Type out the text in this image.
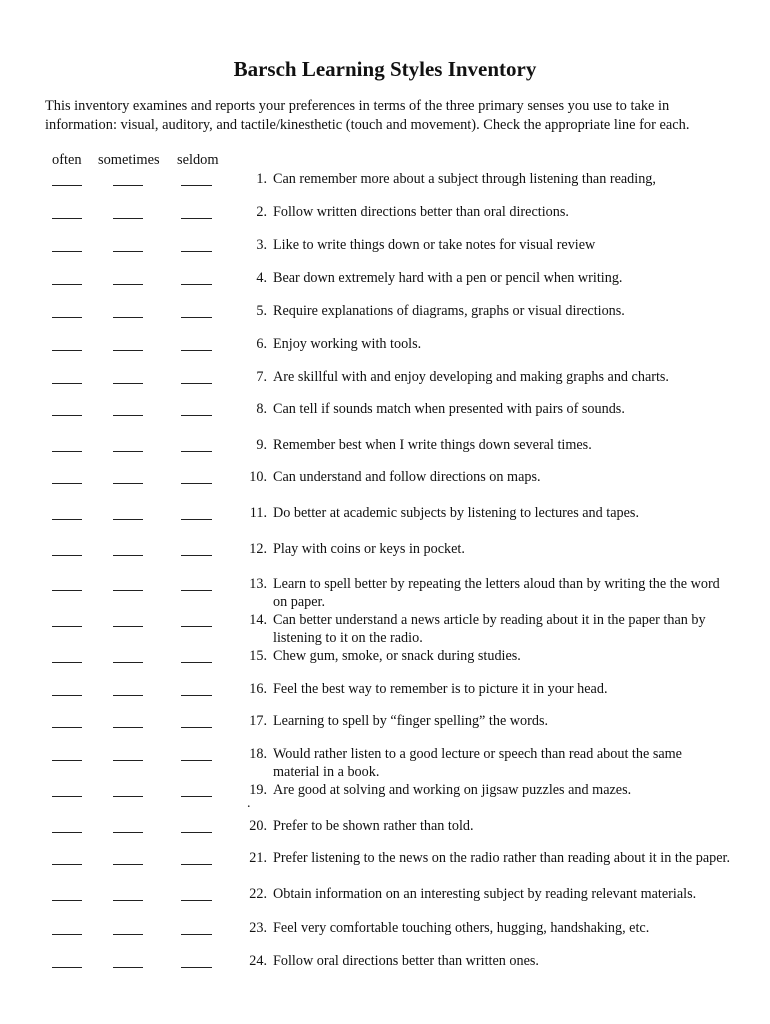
Barsch Learning Styles Inventory
This inventory examines and reports your preferences in terms of the three primary senses you use to take in information: visual, auditory, and tactile/kinesthetic (touch and movement). Check the appropriate line for each.
often sometimes seldom
1. Can remember more about a subject through listening than reading,
2. Follow written directions better than oral directions.
3. Like to write things down or take notes for visual review
4. Bear down extremely hard with a pen or pencil when writing.
5. Require explanations of diagrams, graphs or visual directions.
6. Enjoy working with tools.
7. Are skillful with and enjoy developing and making graphs and charts.
8. Can tell if sounds match when presented with pairs of sounds.
9. Remember best when I write things down several times.
10. Can understand and follow directions on maps.
11. Do better at academic subjects by listening to lectures and tapes.
12. Play with coins or keys in pocket.
13. Learn to spell better by repeating the letters aloud than by writing the the word on paper.
14. Can better understand a news article by reading about it in the paper than by listening to it on the radio.
15. Chew gum, smoke, or snack during studies.
16. Feel the best way to remember is to picture it in your head.
17. Learning to spell by “finger spelling” the words.
18. Would rather listen to a good lecture or speech than read about the same material in a book.
19. Are good at solving and working on jigsaw puzzles and mazes.
20. Prefer to be shown rather than told.
21. Prefer listening to the news on the radio rather than reading about it in the paper.
22. Obtain information on an interesting subject by reading relevant materials.
23. Feel very comfortable touching others, hugging, handshaking, etc.
24. Follow oral directions better than written ones.
.
